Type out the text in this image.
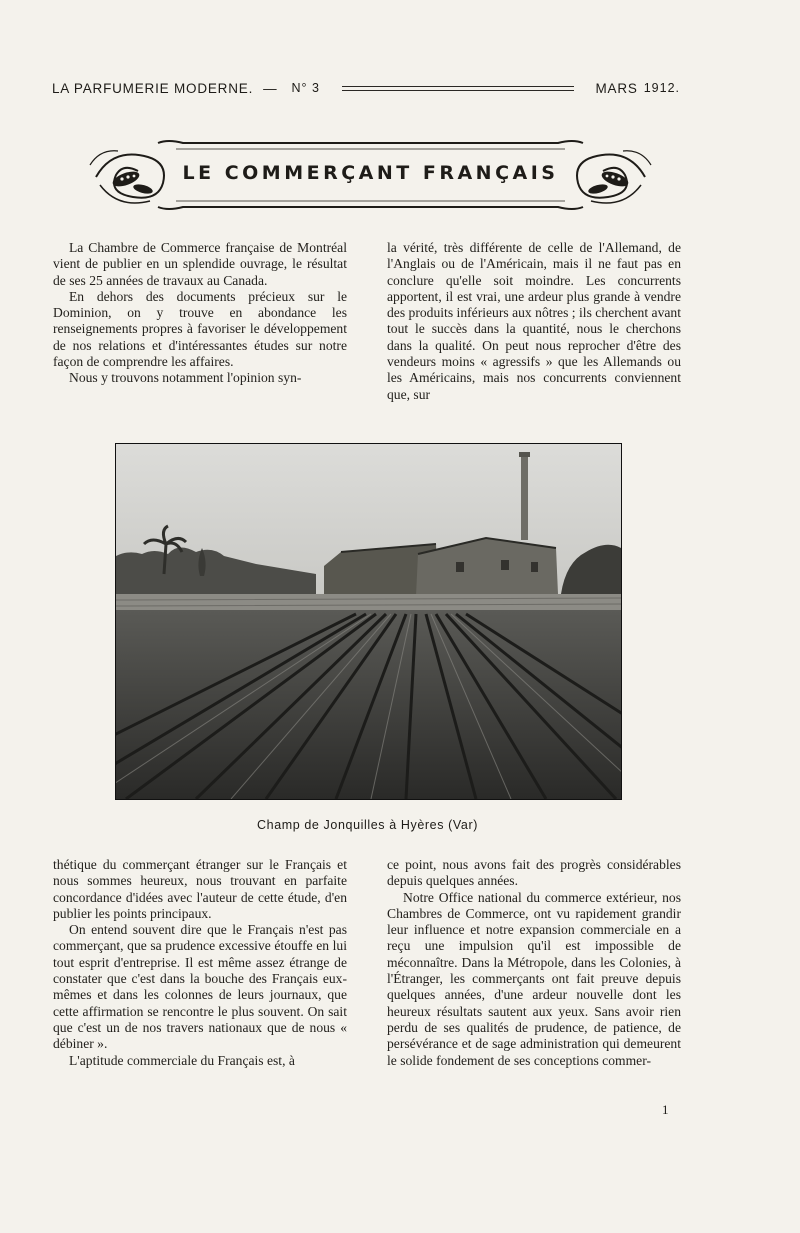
LA PARFUMERIE MODERNE. — N° 3	MARS 1912.
LE COMMERÇANT FRANÇAIS

La Chambre de Commerce française de Montréal vient de publier en un splendide ouvrage, le résultat de ses 25 années de travaux au Canada.

En dehors des documents précieux sur le Dominion, on y trouve en abondance les renseignements propres à favoriser le développement de nos relations et d'intéressantes études sur notre façon de comprendre les affaires.

Nous y trouvons notamment l'opinion syn-

la vérité, très différente de celle de l'Allemand, de l'Anglais ou de l'Américain, mais il ne faut pas en conclure qu'elle soit moindre. Les concurrents apportent, il est vrai, une ardeur plus grande à vendre des produits inférieurs aux nôtres ; ils cherchent avant tout le succès dans la quantité, nous le cherchons dans la qualité. On peut nous reprocher d'être des vendeurs moins « agressifs » que les Allemands ou les Américains, mais nos concurrents conviennent que, sur

Champ de Jonquilles à Hyères (Var)

thétique du commerçant étranger sur le Français et nous sommes heureux, nous trouvant en parfaite concordance d'idées avec l'auteur de cette étude, d'en publier les points principaux.

On entend souvent dire que le Français n'est pas commerçant, que sa prudence excessive étouffe en lui tout esprit d'entreprise. Il est même assez étrange de constater que c'est dans la bouche des Français eux-mêmes et dans les colonnes de leurs journaux, que cette affirmation se rencontre le plus souvent. On sait que c'est un de nos travers nationaux que de nous « débiner ».

L'aptitude commerciale du Français est, à

ce point, nous avons fait des progrès considérables depuis quelques années.

Notre Office national du commerce extérieur, nos Chambres de Commerce, ont vu rapidement grandir leur influence et notre expansion commerciale en a reçu une impulsion qu'il est impossible de méconnaître. Dans la Métropole, dans les Colonies, à l'Étranger, les commerçants ont fait preuve depuis quelques années, d'une ardeur nouvelle dont les heureux résultats sautent aux yeux. Sans avoir rien perdu de ses qualités de prudence, de patience, de persévérance et de sage administration qui demeurent le solide fondement de ses conceptions commer-

1
